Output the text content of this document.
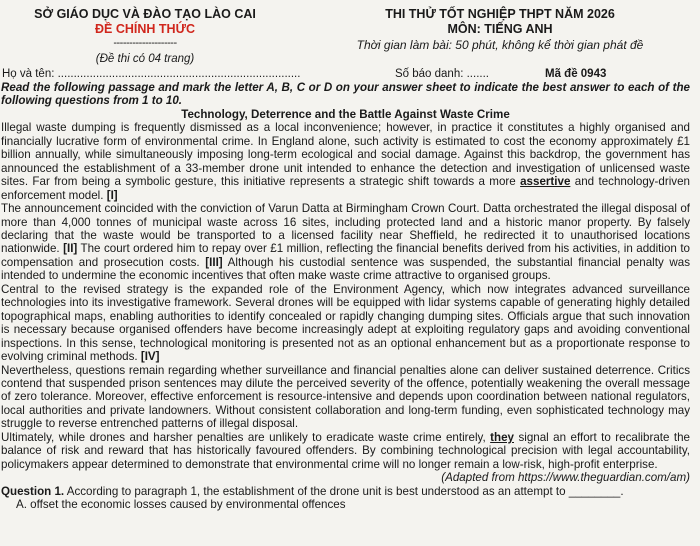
SỞ GIÁO DỤC VÀ ĐÀO TẠO LÀO CAI
ĐỀ CHÍNH THỨC
--------------------
(Đề thi có 04 trang)
THI THỬ TỐT NGHIỆP THPT NĂM 2026
MÔN: TIẾNG ANH
Thời gian làm bài: 50 phút, không kể thời gian phát đề
Họ và tên: ............................................................................	Số báo danh: .......	Mã đề 0943

Read the following passage and mark the letter A, B, C or D on your answer sheet to indicate the best answer to each of the following questions from 1 to 10.

Technology, Deterrence and the Battle Against Waste Crime

Illegal waste dumping is frequently dismissed as a local inconvenience; however, in practice it constitutes a highly organised and financially lucrative form of environmental crime. In England alone, such activity is estimated to cost the economy approximately £1 billion annually, while simultaneously imposing long-term ecological and social damage. Against this backdrop, the government has announced the establishment of a 33-member drone unit intended to enhance the detection and investigation of unlicensed waste sites. Far from being a symbolic gesture, this initiative represents a strategic shift towards a more assertive and technology-driven enforcement model. [I]

The announcement coincided with the conviction of Varun Datta at Birmingham Crown Court. Datta orchestrated the illegal disposal of more than 4,000 tonnes of municipal waste across 16 sites, including protected land and a historic manor property. By falsely declaring that the waste would be transported to a licensed facility near Sheffield, he redirected it to unauthorised locations nationwide. [II] The court ordered him to repay over £1 million, reflecting the financial benefits derived from his activities, in addition to compensation and prosecution costs. [III] Although his custodial sentence was suspended, the substantial financial penalty was intended to undermine the economic incentives that often make waste crime attractive to organised groups.

Central to the revised strategy is the expanded role of the Environment Agency, which now integrates advanced surveillance technologies into its investigative framework. Several drones will be equipped with lidar systems capable of generating highly detailed topographical maps, enabling authorities to identify concealed or rapidly changing dumping sites. Officials argue that such innovation is necessary because organised offenders have become increasingly adept at exploiting regulatory gaps and avoiding conventional inspections. In this sense, technological monitoring is presented not as an optional enhancement but as a proportionate response to evolving criminal methods. [IV]

Nevertheless, questions remain regarding whether surveillance and financial penalties alone can deliver sustained deterrence. Critics contend that suspended prison sentences may dilute the perceived severity of the offence, potentially weakening the overall message of zero tolerance. Moreover, effective enforcement is resource-intensive and depends upon coordination between national regulators, local authorities and private landowners. Without consistent collaboration and long-term funding, even sophisticated technology may struggle to reverse entrenched patterns of illegal disposal.

Ultimately, while drones and harsher penalties are unlikely to eradicate waste crime entirely, they signal an effort to recalibrate the balance of risk and reward that has historically favoured offenders. By combining technological precision with legal accountability, policymakers appear determined to demonstrate that environmental crime will no longer remain a low-risk, high-profit enterprise.

(Adapted from https://www.theguardian.com/am)

Question 1. According to paragraph 1, the establishment of the drone unit is best understood as an attempt to ________.

A. offset the economic losses caused by environmental offences
